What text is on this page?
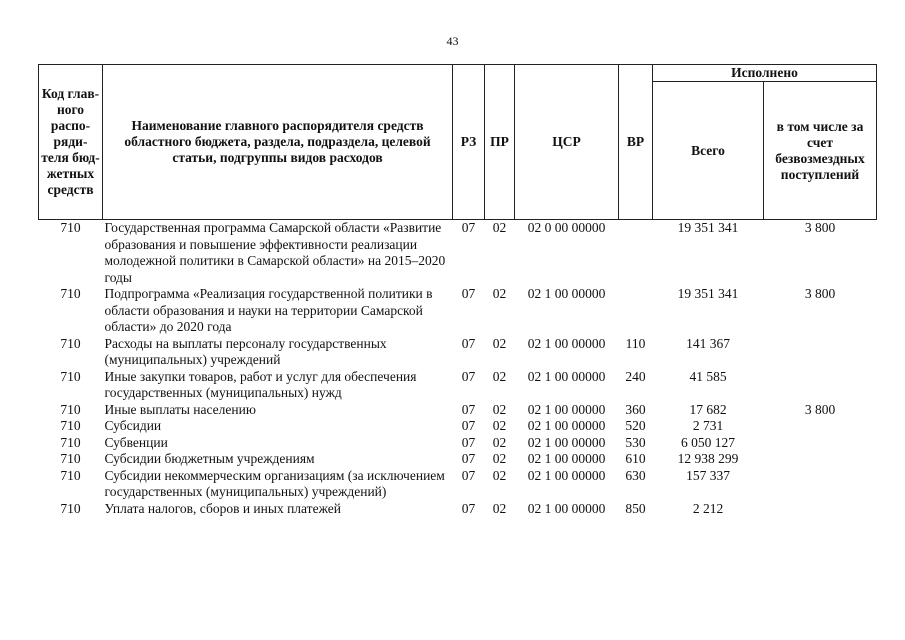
43
Код глав-ного распо-ряди-теля бюд-жетных средств	Наименование главного распорядителя средств областного бюджета, раздела, подраздела, целевой статьи, подгруппы видов расходов	РЗ	ПР	ЦСР	ВР	Исполнено	
						Всего	в том числе за счет безвозмездных поступлений
710	Государственная программа Самарской области «Развитие образования и повышение эффективности реализации молодежной политики в Самарской области» на 2015–2020 годы	07	02	02 0 00 00000		19 351 341	3 800
710	Подпрограмма «Реализация государственной политики в области образования и науки на территории Самарской области» до 2020 года	07	02	02 1 00 00000		19 351 341	3 800
710	Расходы на выплаты персоналу государственных (муниципальных) учреждений	07	02	02 1 00 00000	110	141 367	
710	Иные закупки товаров, работ и услуг для обеспечения государственных (муниципальных) нужд	07	02	02 1 00 00000	240	41 585	
710	Иные выплаты населению	07	02	02 1 00 00000	360	17 682	3 800
710	Субсидии	07	02	02 1 00 00000	520	2 731	
710	Субвенции	07	02	02 1 00 00000	530	6 050 127	
710	Субсидии бюджетным учреждениям	07	02	02 1 00 00000	610	12 938 299	
710	Субсидии некоммерческим организациям (за исключением государственных (муниципальных) учреждений)	07	02	02 1 00 00000	630	157 337	
710	Уплата налогов, сборов и иных платежей	07	02	02 1 00 00000	850	2 212	
